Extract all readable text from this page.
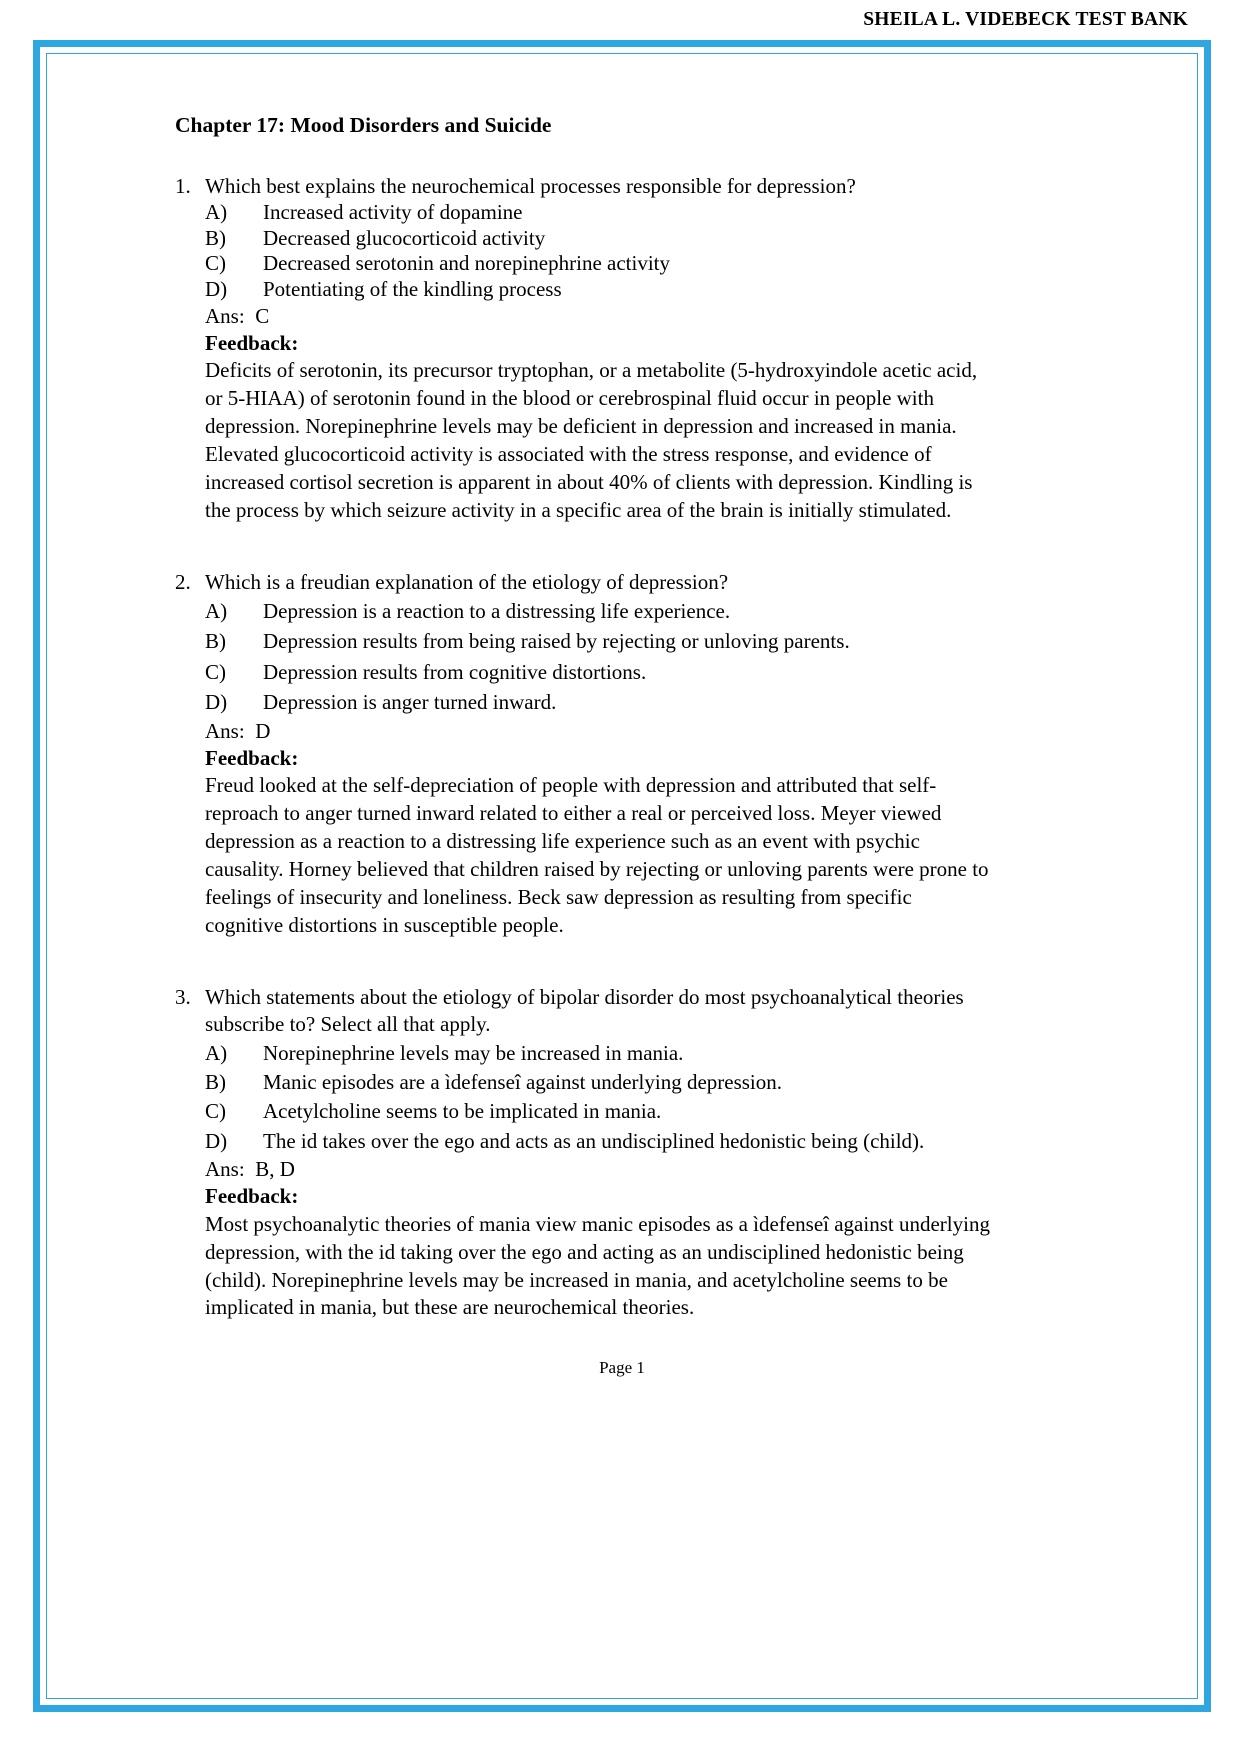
SHEILA L. VIDEBECK TEST BANK
Chapter 17: Mood Disorders and Suicide
1. Which best explains the neurochemical processes responsible for depression?
A)	Increased activity of dopamine
B)	Decreased glucocorticoid activity
C)	Decreased serotonin and norepinephrine activity
D)	Potentiating of the kindling process
Ans: C
Feedback:
Deficits of serotonin, its precursor tryptophan, or a metabolite (5-hydroxyindole acetic acid, or 5-HIAA) of serotonin found in the blood or cerebrospinal fluid occur in people with depression. Norepinephrine levels may be deficient in depression and increased in mania. Elevated glucocorticoid activity is associated with the stress response, and evidence of increased cortisol secretion is apparent in about 40% of clients with depression. Kindling is the process by which seizure activity in a specific area of the brain is initially stimulated.
2. Which is a freudian explanation of the etiology of depression?
A)	Depression is a reaction to a distressing life experience.
B)	Depression results from being raised by rejecting or unloving parents.
C)	Depression results from cognitive distortions.
D)	Depression is anger turned inward.
Ans: D
Feedback:
Freud looked at the self-depreciation of people with depression and attributed that self-reproach to anger turned inward related to either a real or perceived loss. Meyer viewed depression as a reaction to a distressing life experience such as an event with psychic causality. Horney believed that children raised by rejecting or unloving parents were prone to feelings of insecurity and loneliness. Beck saw depression as resulting from specific cognitive distortions in susceptible people.
3. Which statements about the etiology of bipolar disorder do most psychoanalytical theories subscribe to? Select all that apply.
A)	Norepinephrine levels may be increased in mania.
B)	Manic episodes are a ìdefenseî against underlying depression.
C)	Acetylcholine seems to be implicated in mania.
D)	The id takes over the ego and acts as an undisciplined hedonistic being (child).
Ans: B, D
Feedback:
Most psychoanalytic theories of mania view manic episodes as a ìdefenseî against underlying depression, with the id taking over the ego and acting as an undisciplined hedonistic being (child). Norepinephrine levels may be increased in mania, and acetylcholine seems to be implicated in mania, but these are neurochemical theories.
Page 1
